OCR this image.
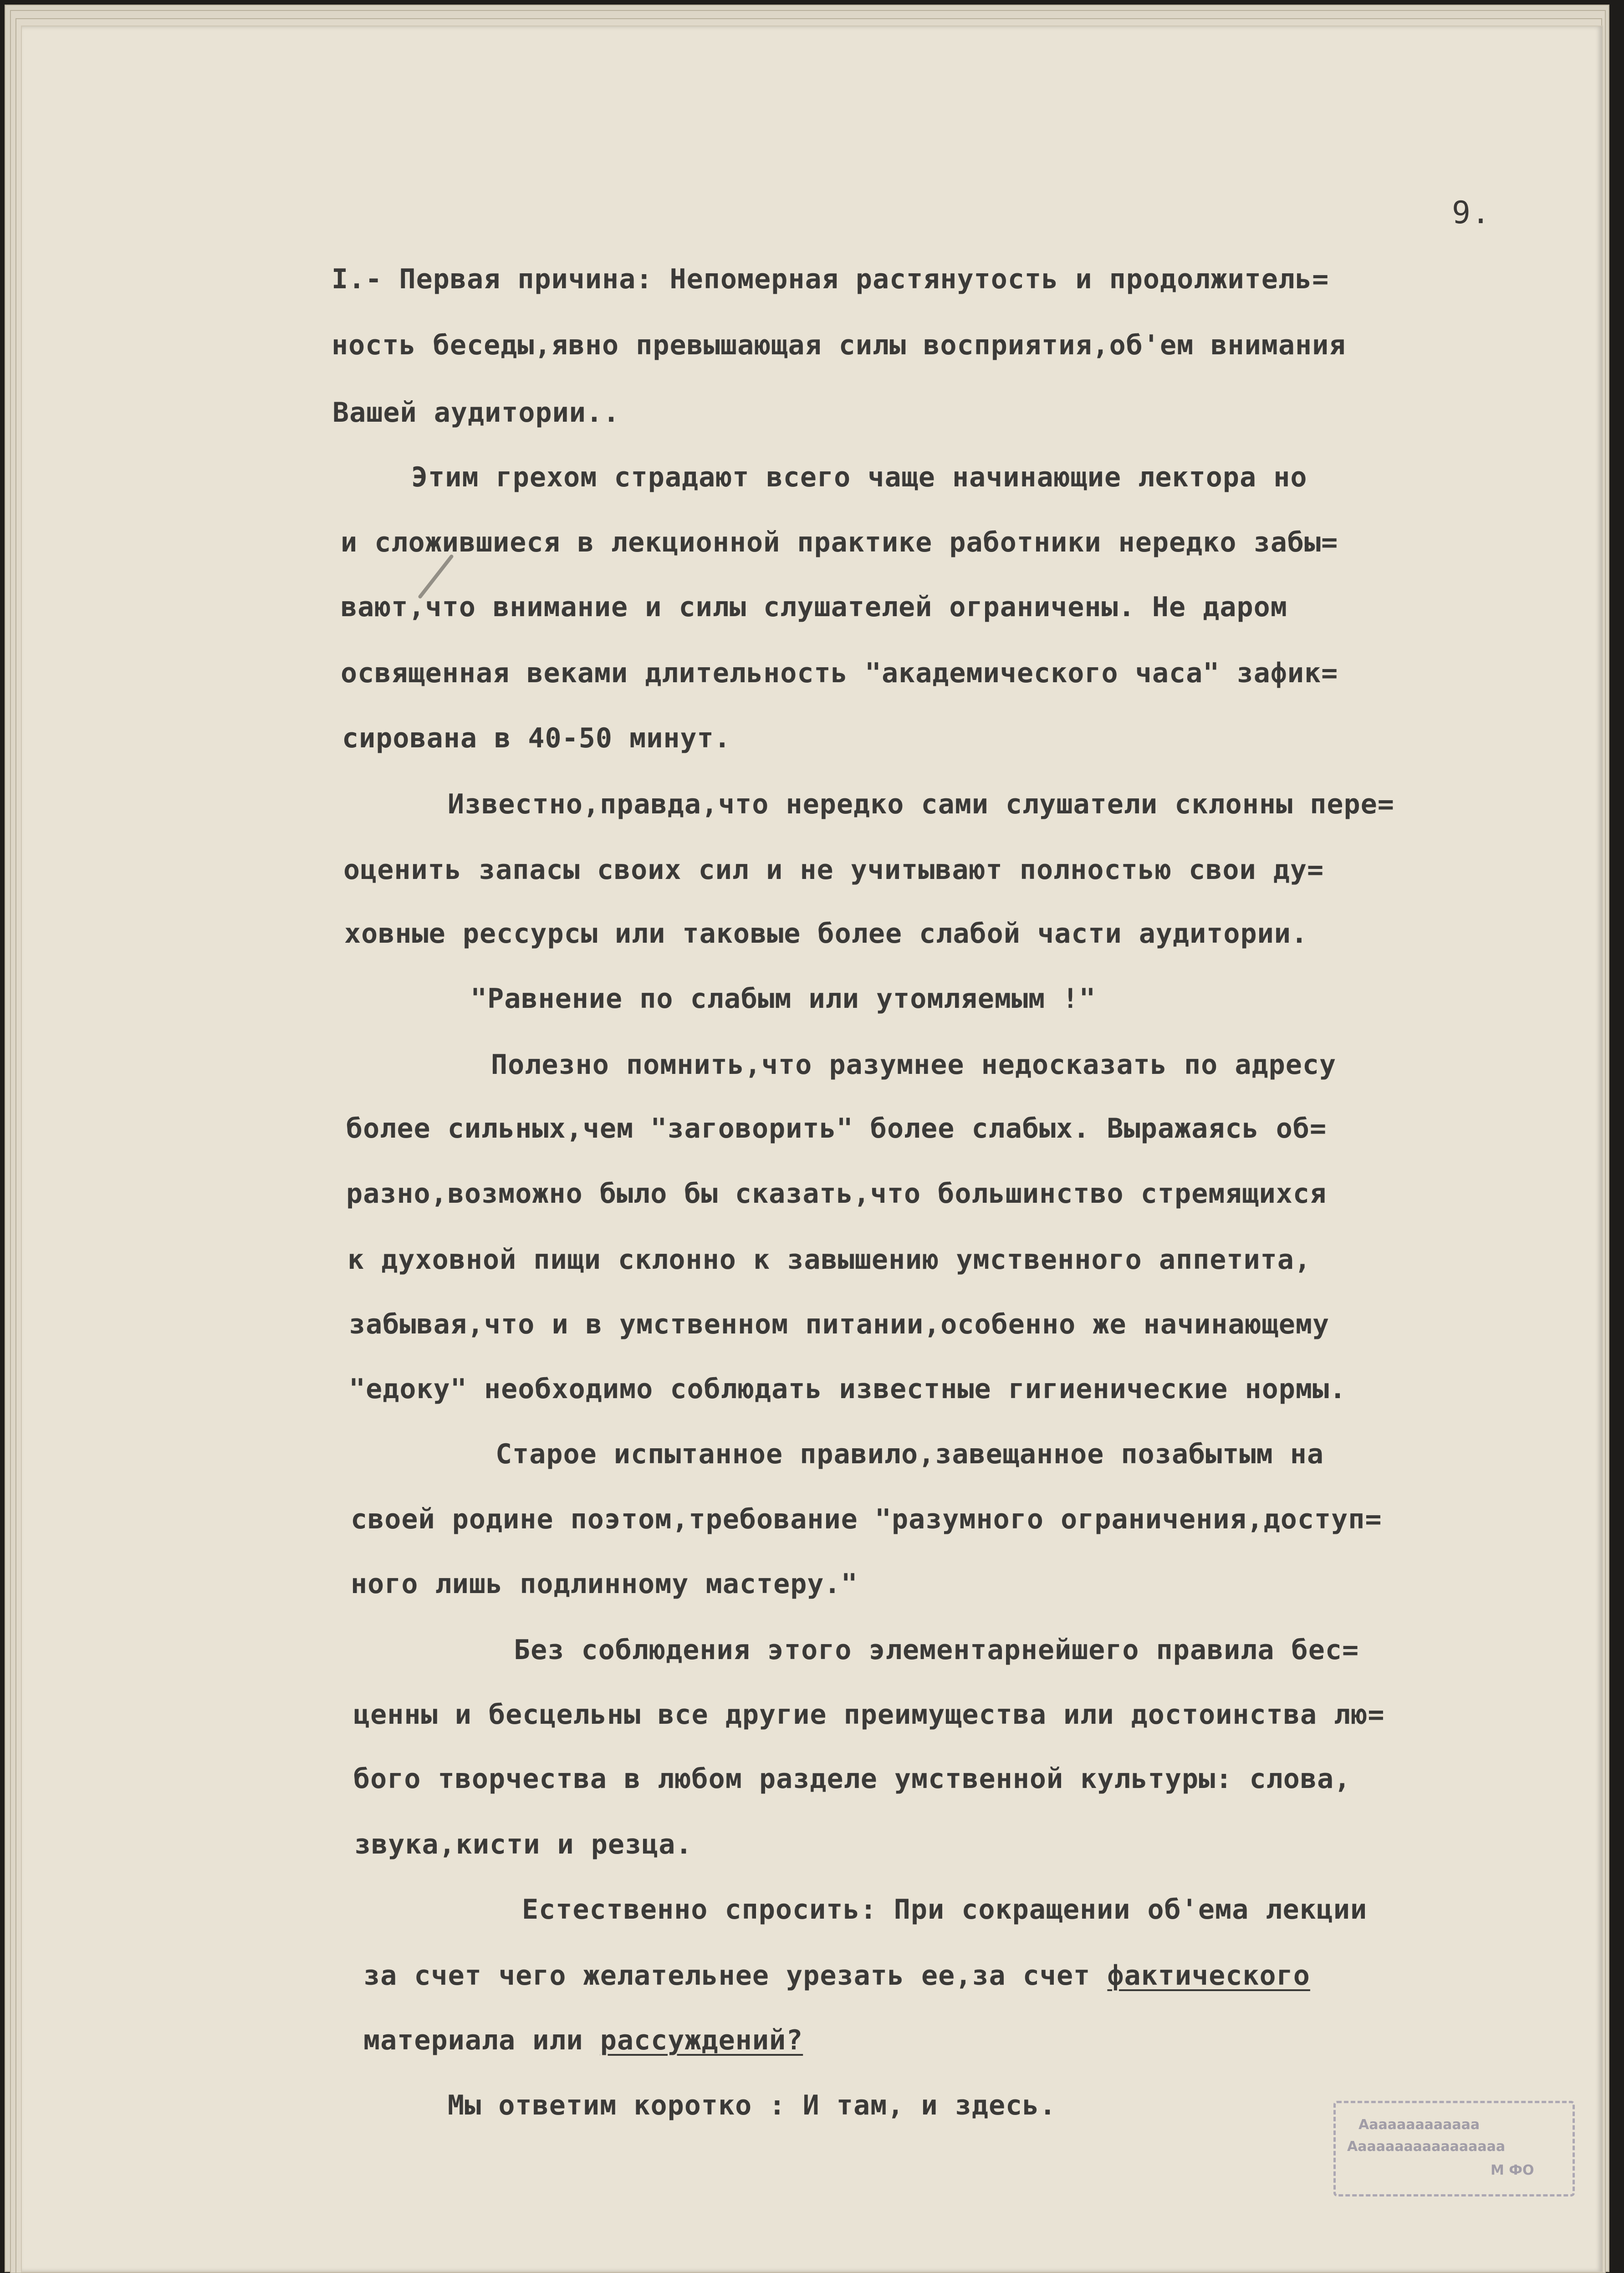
9.
I.- Первая причина: Непомерная растянутость и продолжитель=
ность беседы,явно превышающая силы восприятия,об'ем внимания
Вашей аудитории..
Этим грехом страдают всего чаще начинающие лектора но
и сложившиеся в лекционной практике работники нередко забы=
вают,что внимание и силы слушателей ограничены. Не даром
освященная веками длительность "академического часа" зафик=
сирована в 40-50 минут.
Известно,правда,что нередко сами слушатели склонны пере=
оценить запасы своих сил и не учитывают полностью свои ду=
ховные рессурсы или таковые более слабой части аудитории.
"Равнение по слабым или утомляемым !"
Полезно помнить,что разумнее недосказать по адресу
более сильных,чем "заговорить" более слабых. Выражаясь об=
разно,возможно было бы сказать,что большинство стремящихся
к духовной пищи склонно к завышению умственного аппетита,
забывая,что и в умственном питании,особенно же начинающему
"едоку" необходимо соблюдать известные гигиенические нормы.
Старое испытанное правило,завещанное позабытым на
своей родине поэтом,требование "разумного ограничения,доступ=
ного лишь подлинному мастеру."
Без соблюдения этого элементарнейшего правила бес=
ценны и бесцельны все другие преимущества или достоинства лю=
бого творчества в любом разделе умственной культуры: слова,
звука,кисти и резца.
Естественно спросить: При сокращении об'ема лекции
за счет чего желательнее урезать ее,за счет фактического
материала или рассуждений?
Мы ответим коротко : И там, и здесь.
Ааааааааааааа
Ааааааааааааааааа
М ФО
